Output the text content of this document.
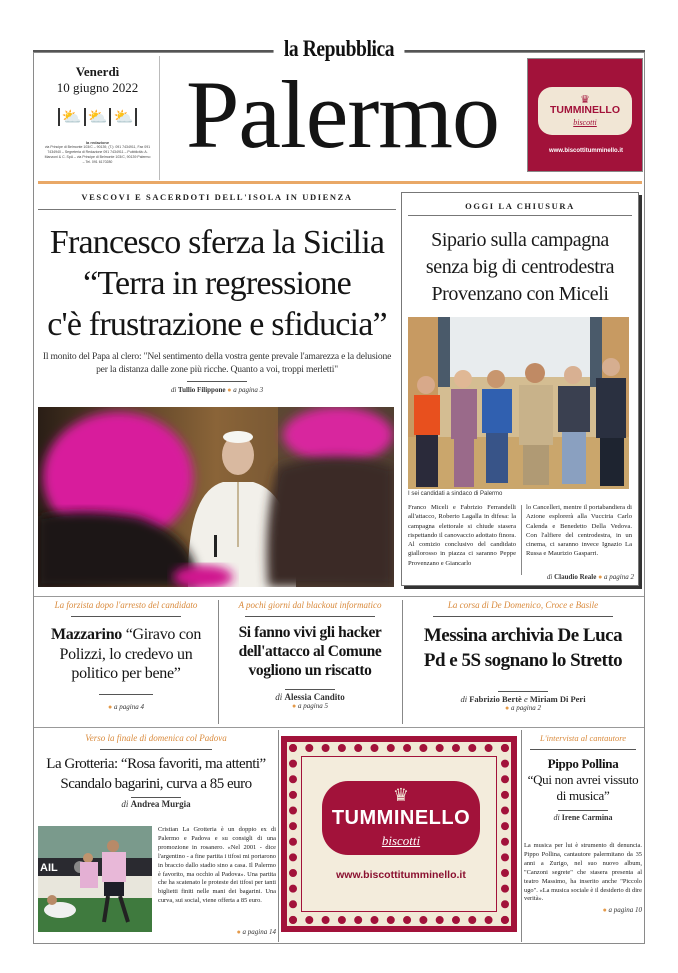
la Repubblica
Palermo
Venerdì
10 giugno 2022
⛅ ⛅ ⛅
la redazione
via Principe di Belmonte 103/C – 90139, (T.): 091 7434911, Fax 091 7434940 – Segreteria di Redazione 091 7434911 – Pubblicità: A. Manzoni & C. SpA – via Principe di Belmonte 103/C, 90139 Palermo – Tel. 091 6170280
♛
TUMMINELLO
biscotti
www.biscottitumminello.it
VESCOVI E SACERDOTI DELL'ISOLA IN UDIENZA
Francesco sferza la Sicilia
“Terra in regressione
c'è frustrazione e sfiducia”
Il monito del Papa al clero: "Nel sentimento della vostra gente prevale l'amarezza e la delusione per la distanza dalle zone più ricche. Quanto a voi, troppi merletti"
di Tullio Filippone ● a pagina 3
OGGI LA CHIUSURA
Sipario sulla campagna
senza big di centrodestra
Provenzano con Miceli
I sei candidati a sindaco di Palermo
Franco Miceli e Fabrizio Ferrandelli all'attacco, Roberto Lagalla in difesa: la campagna elettorale si chiude stasera rispettando il canovaccio adottato finora. Al comizio conclusivo del candidato giallorosso in piazza ci saranno Peppe Provenzano e Giancarlo
lo Cancelleri, mentre il portabandiera di Azione esplorerà alla Vucciria Carlo Calenda e Benedetto Della Vedova. Con l'alfiere del centrodestra, in un cinema, ci saranno invece Ignazio La Russa e Maurizio Gasparri.
di Claudio Reale ● a pagina 2
La forzista dopo l'arresto del candidato
Mazzarino “Giravo con Polizzi, lo credevo un politico per bene”
● a pagina 4
A pochi giorni dal blackout informatico
Si fanno vivi gli hacker dell'attacco al Comune vogliono un riscatto
di Alessia Candito
● a pagina 5
La corsa di De Domenico, Croce e Basile
Messina archivia De Luca
Pd e 5S sognano lo Stretto
di Fabrizio Bertè e Miriam Di Peri
● a pagina 2
Verso la finale di domenica col Padova
La Grotteria: “Rosa favoriti, ma attenti”
Scandalo bagarini, curva a 85 euro
di Andrea Murgia
AIL
Cristian La Grotteria è un doppio ex di Palermo e Padova e su consigli di una promozione in rosanero. «Nel 2001 - dice l'argentino - a fine partita i tifosi mi portarono in braccio dallo stadio sino a casa. Il Palermo è favorito, ma occhio al Padova». Una partita che ha scatenato le proteste dei tifosi per tanti biglietti finiti nelle mani dei bagarini. Una curva, sui social, viene offerta a 85 euro.
● a pagina 14
♛
TUMMINELLO
biscotti
www.biscottitumminello.it
L'intervista al cantautore
Pippo Pollina
“Qui non avrei vissuto di musica”
di Irene Carmina
La musica per lui è strumento di denuncia. Pippo Pollina, cantautore palermitano da 35 anni a Zurigo, nel suo nuovo album, "Canzoni segrete" che stasera presenta al teatro Massimo, ha inserito anche "Piccolo ugo". «La musica sociale è il desiderio di dire verità».
● a pagina 10
